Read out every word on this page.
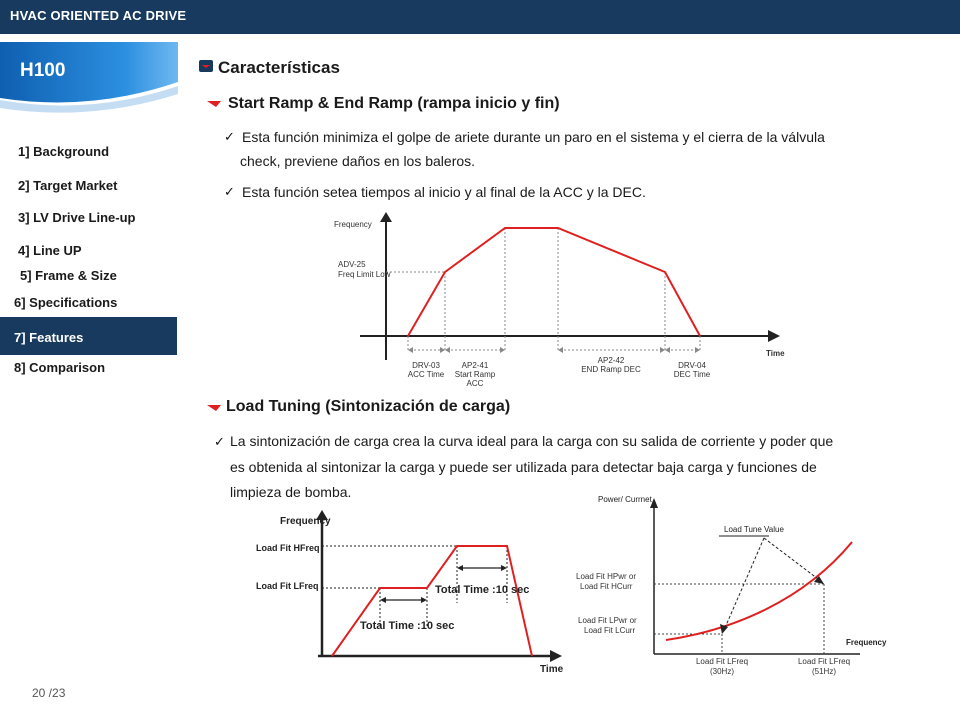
HVAC ORIENTED AC DRIVE
H100
1] Background
2] Target Market
3] LV Drive Line-up
4] Line UP
5] Frame & Size
6] Specifications
7] Features
8] Comparison
Características
Start Ramp & End Ramp (rampa inicio y fin)
✓ Esta función minimiza el golpe de ariete durante un paro en el sistema y el cierra de la válvula
check, previene daños en los baleros.
✓ Esta función setea tiempos al inicio y al final de la ACC y la DEC.
Frequency
Time
ADV-25
Freq Limit Low
DRV-03
ACC Time
AP2-41
Start Ramp
ACC
AP2-42
END Ramp DEC	DRV-04
DEC Time
Load Tuning (Sintonización de carga)
✓ La sintonización de carga crea la curva ideal para la carga con su salida de corriente y poder que
es obtenida al sintonizar la carga y puede ser utilizada para detectar baja carga y funciones de
limpieza de bomba.
Frequency
Time
Load Fit HFreq
Load Fit LFreq
Total Time :10 sec
Total Time :10 sec
Power/ Currnet
Frequency
Load Fit HPwr or
Load Fit HCurr
Load Fit LPwr or
Load Fit LCurr
Load Tune Value
Load Fit LFreq
(30Hz)
Load Fit LFreq
(51Hz)
20 /23
